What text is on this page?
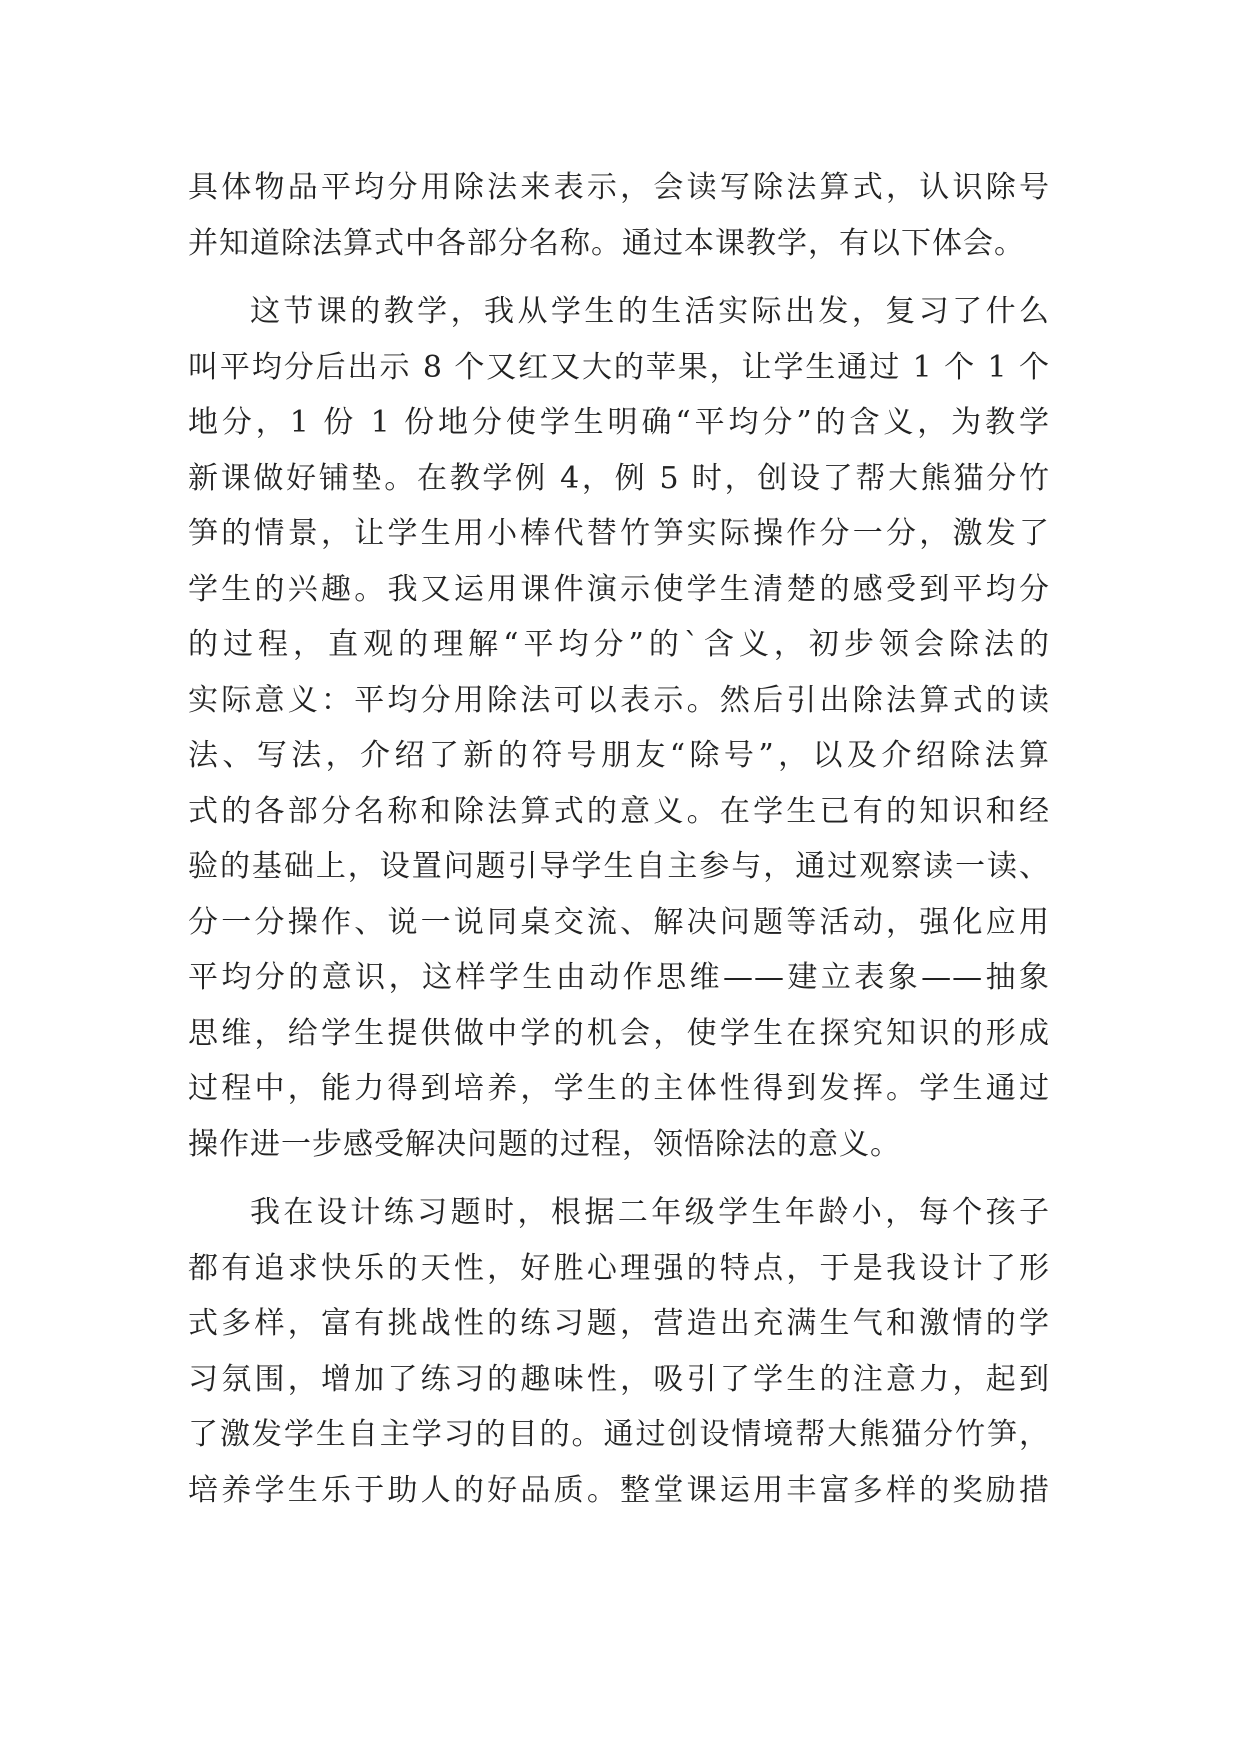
具体物品平均分用除法来表示，会读写除法算式，认识除号
并知道除法算式中各部分名称。通过本课教学，有以下体会。
这节课的教学，我从学生的生活实际出发，复习了什么
叫平均分后出示 8 个又红又大的苹果，让学生通过 1 个 1 个
地分，1 份 1 份地分使学生明确“平均分”的含义，为教学
新课做好铺垫。在教学例 4，例 5 时，创设了帮大熊猫分竹
笋的情景，让学生用小棒代替竹笋实际操作分一分，激发了
学生的兴趣。我又运用课件演示使学生清楚的感受到平均分
的过程，直观的理解“平均分”的`含义，初步领会除法的
实际意义：平均分用除法可以表示。然后引出除法算式的读
法、写法，介绍了新的符号朋友“除号”，以及介绍除法算
式的各部分名称和除法算式的意义。在学生已有的知识和经
验的基础上，设置问题引导学生自主参与，通过观察读一读、
分一分操作、说一说同桌交流、解决问题等活动，强化应用
平均分的意识，这样学生由动作思维——建立表象——抽象
思维，给学生提供做中学的机会，使学生在探究知识的形成
过程中，能力得到培养，学生的主体性得到发挥。学生通过
操作进一步感受解决问题的过程，领悟除法的意义。
我在设计练习题时，根据二年级学生年龄小，每个孩子
都有追求快乐的天性，好胜心理强的特点，于是我设计了形
式多样，富有挑战性的练习题，营造出充满生气和激情的学
习氛围，增加了练习的趣味性，吸引了学生的注意力，起到
了激发学生自主学习的目的。通过创设情境帮大熊猫分竹笋，
培养学生乐于助人的好品质。整堂课运用丰富多样的奖励措
